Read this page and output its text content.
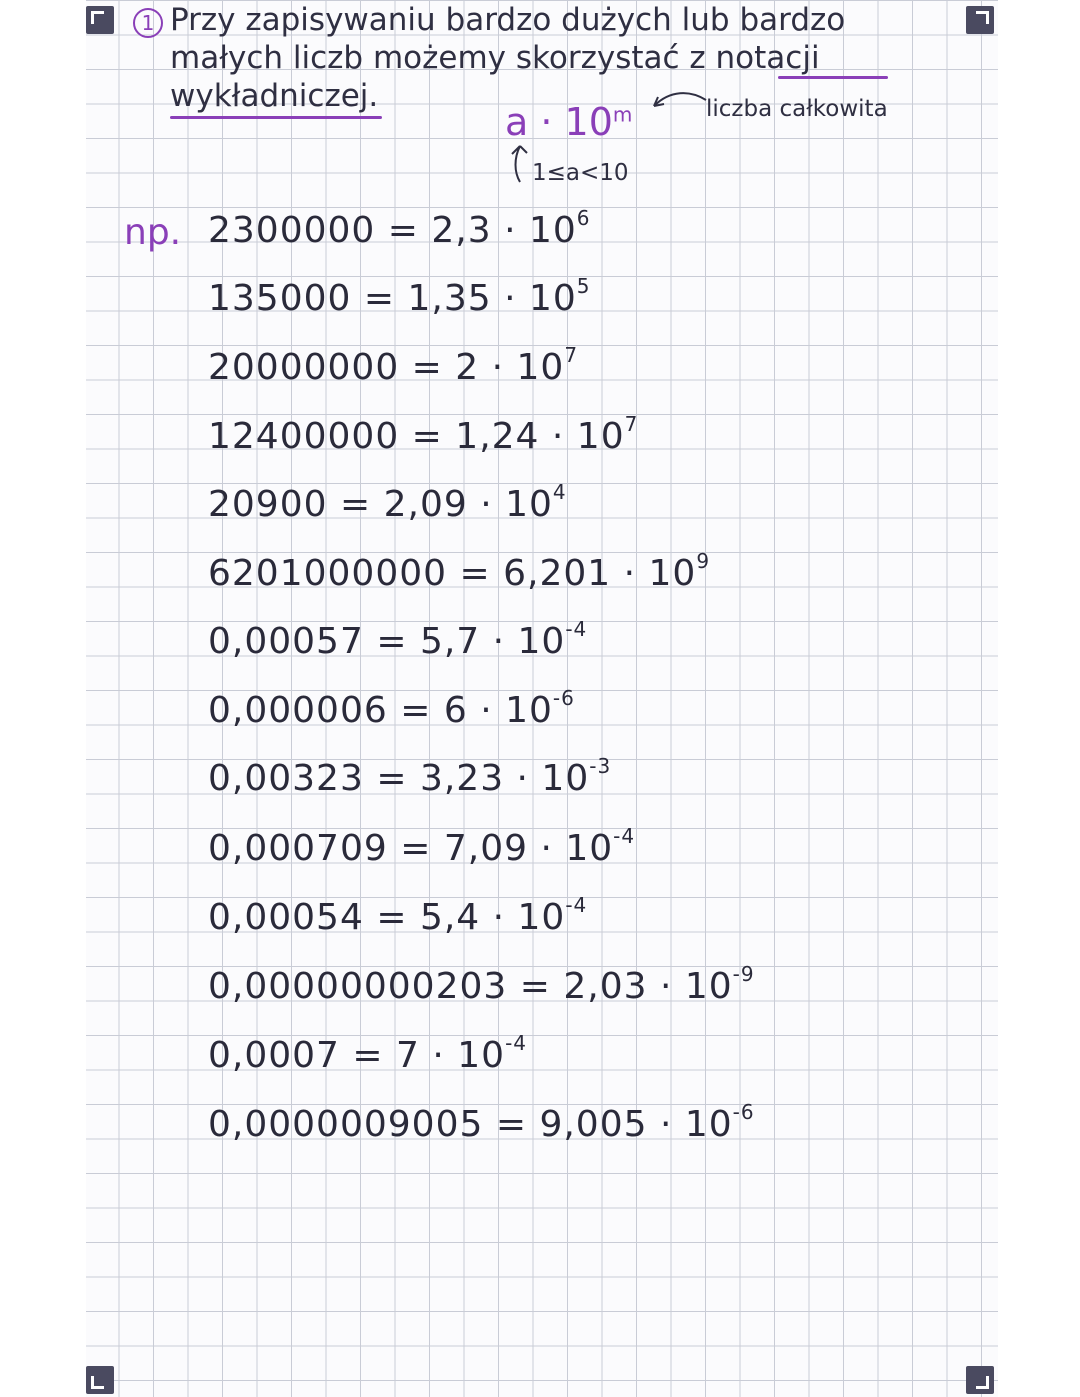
1 Przy zapisywaniu bardzo dużych lub bardzo
małych liczb możemy skorzystać z notacji
wykładniczej.
$a \cdot 10^m$	liczba całkowita
1≤a<10
np. $2300000 = 2,3 \cdot 10^6$
$135000 = 1,35 \cdot 10^5$
$20000000 = 2 \cdot 10^7$
$12400000 = 1,24 \cdot 10^7$
$20900 = 2,09 \cdot 10^4$
$6201000000 = 6,201 \cdot 10^9$
$0,00057 = 5,7 \cdot 10^{-4}$
$0,000006 = 6 \cdot 10^{-6}$
$0,00323 = 3,23 \cdot 10^{-3}$
$0,000709 = 7,09 \cdot 10^{-4}$
$0,00054 = 5,4 \cdot 10^{-4}$
$0,00000000203 = 2,03 \cdot 10^{-9}$
$0,0007 = 7 \cdot 10^{-4}$
$0,0000009005 = 9,005 \cdot 10^{-6}$
